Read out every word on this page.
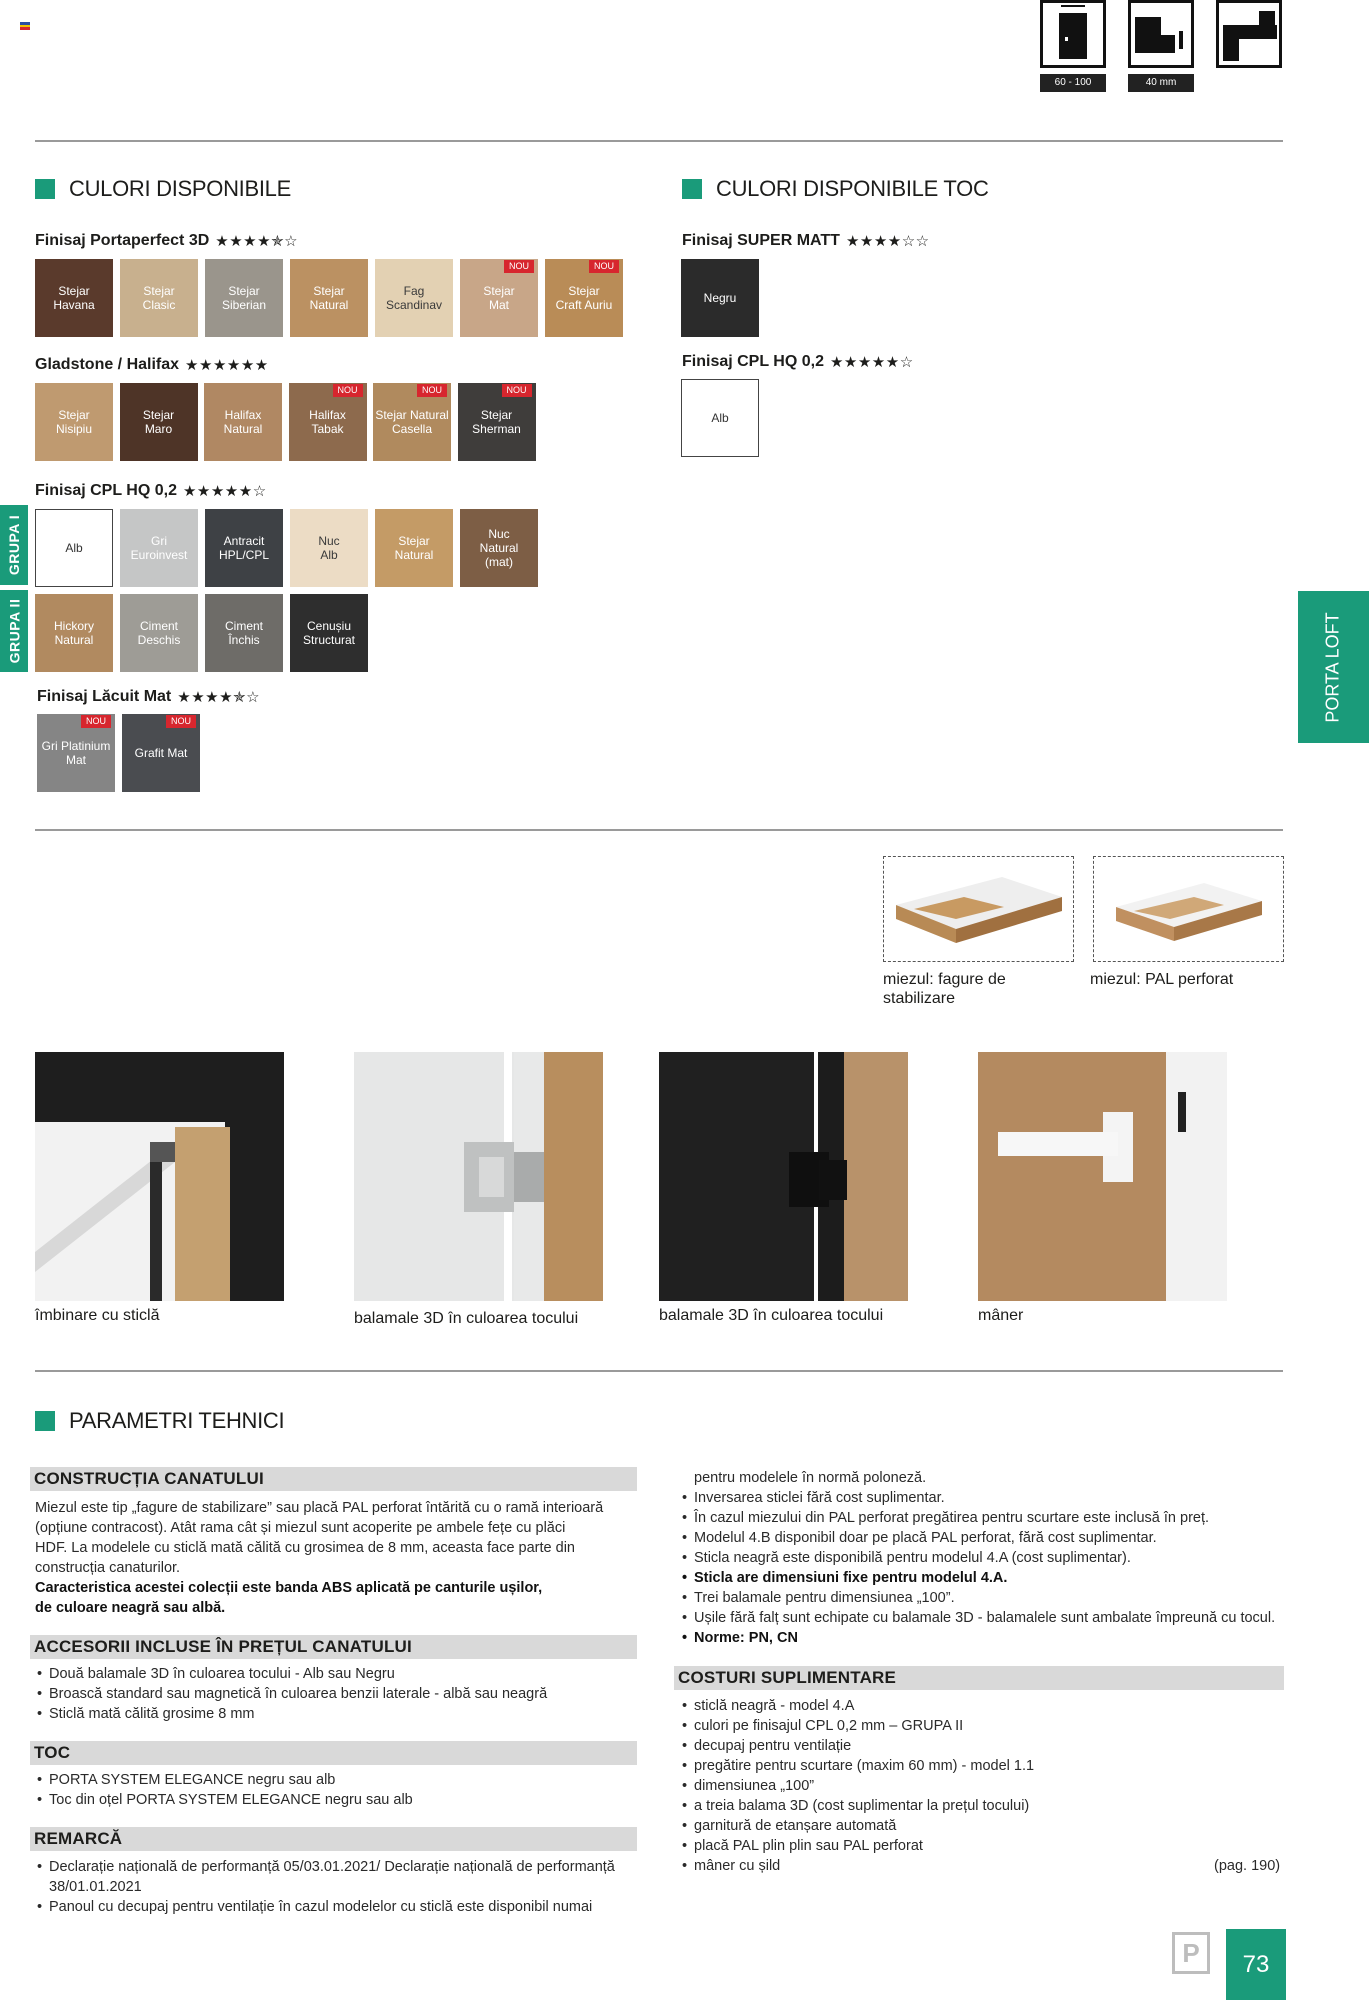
60 - 100	40 mm
CULORI DISPONIBILE
Finisaj Portaperfect 3D ★★★★✯☆
Stejar
Havana
Stejar
Clasic
Stejar
Siberian
Stejar
Natural
Fag
Scandinav
Stejar
Mat
NOU
Stejar
Craft Auriu
NOU
Gladstone / Halifax ★★★★★★
Stejar
Nisipiu
Stejar
Maro
Halifax
Natural
Halifax
Tabak
NOU
Stejar Natural
Casella
NOU
Stejar
Sherman
NOU
Finisaj CPL HQ 0,2 ★★★★★☆
Alb	Gri
Euroinvest
Antracit
HPL/CPL
Nuc
Alb
Stejar
Natural
Nuc
Natural
(mat)
Hickory
Natural
Ciment
Deschis
Ciment
Închis
Cenușiu
Structurat
GRUPA I
GRUPA II
Finisaj Lăcuit Mat ★★★★✯☆
Gri Platinium
Mat
NOU
Grafit Mat
NOU
CULORI DISPONIBILE TOC
Finisaj SUPER MATT ★★★★☆☆
Negru
Finisaj CPL HQ 0,2 ★★★★★☆
Alb
PORTA LOFT
miezul: fagure de
stabilizare
miezul: PAL perforat
îmbinare cu sticlă	balamale 3D în culoarea tocului	balamale 3D în culoarea tocului	mâner
PARAMETRI TEHNICI
CONSTRUCȚIA CANATULUI
Miezul este tip „fagure de stabilizare” sau placă PAL perforat întărită cu o ramă interioară
(opțiune contracost). Atât rama cât și miezul sunt acoperite pe ambele fețe cu plăci
HDF. La modelele cu sticlă mată călită cu grosimea de 8 mm, aceasta face parte din
construcția canaturilor.
Caracteristica acestei colecții este banda ABS aplicată pe canturile ușilor,
de culoare neagră sau albă.
ACCESORII INCLUSE ÎN PREȚUL CANATULUI
• Două balamale 3D în culoarea tocului - Alb sau Negru
• Broască standard sau magnetică în culoarea benzii laterale - albă sau neagră
• Sticlă mată călită grosime 8 mm
TOC
• PORTA SYSTEM ELEGANCE negru sau alb
• Toc din oțel PORTA SYSTEM ELEGANCE negru sau alb
REMARCĂ
• Declarație națională de performanță 05/03.01.2021/ Declarație națională de performanță
38/01.01.2021
• Panoul cu decupaj pentru ventilație în cazul modelelor cu sticlă este disponibil numai
pentru modelele în normă poloneză.
• Inversarea sticlei fără cost suplimentar.
• În cazul miezului din PAL perforat pregătirea pentru scurtare este inclusă în preț.
• Modelul 4.B disponibil doar pe placă PAL perforat, fără cost suplimentar.
• Sticla neagră este disponibilă pentru modelul 4.A (cost suplimentar).
• Sticla are dimensiuni fixe pentru modelul 4.A.
• Trei balamale pentru dimensiunea „100”.
• Ușile fără falț sunt echipate cu balamale 3D - balamalele sunt ambalate împreună cu tocul.
• Norme: PN, CN
COSTURI SUPLIMENTARE
• sticlă neagră - model 4.A
• culori pe finisajul CPL 0,2 mm – GRUPA II
• decupaj pentru ventilație
• pregătire pentru scurtare (maxim 60 mm) - model 1.1
• dimensiunea „100”
• a treia balama 3D (cost suplimentar la prețul tocului)
• garnitură de etanșare automată
• placă PAL plin plin sau PAL perforat
• mâner cu șild	(pag. 190)
P	73
